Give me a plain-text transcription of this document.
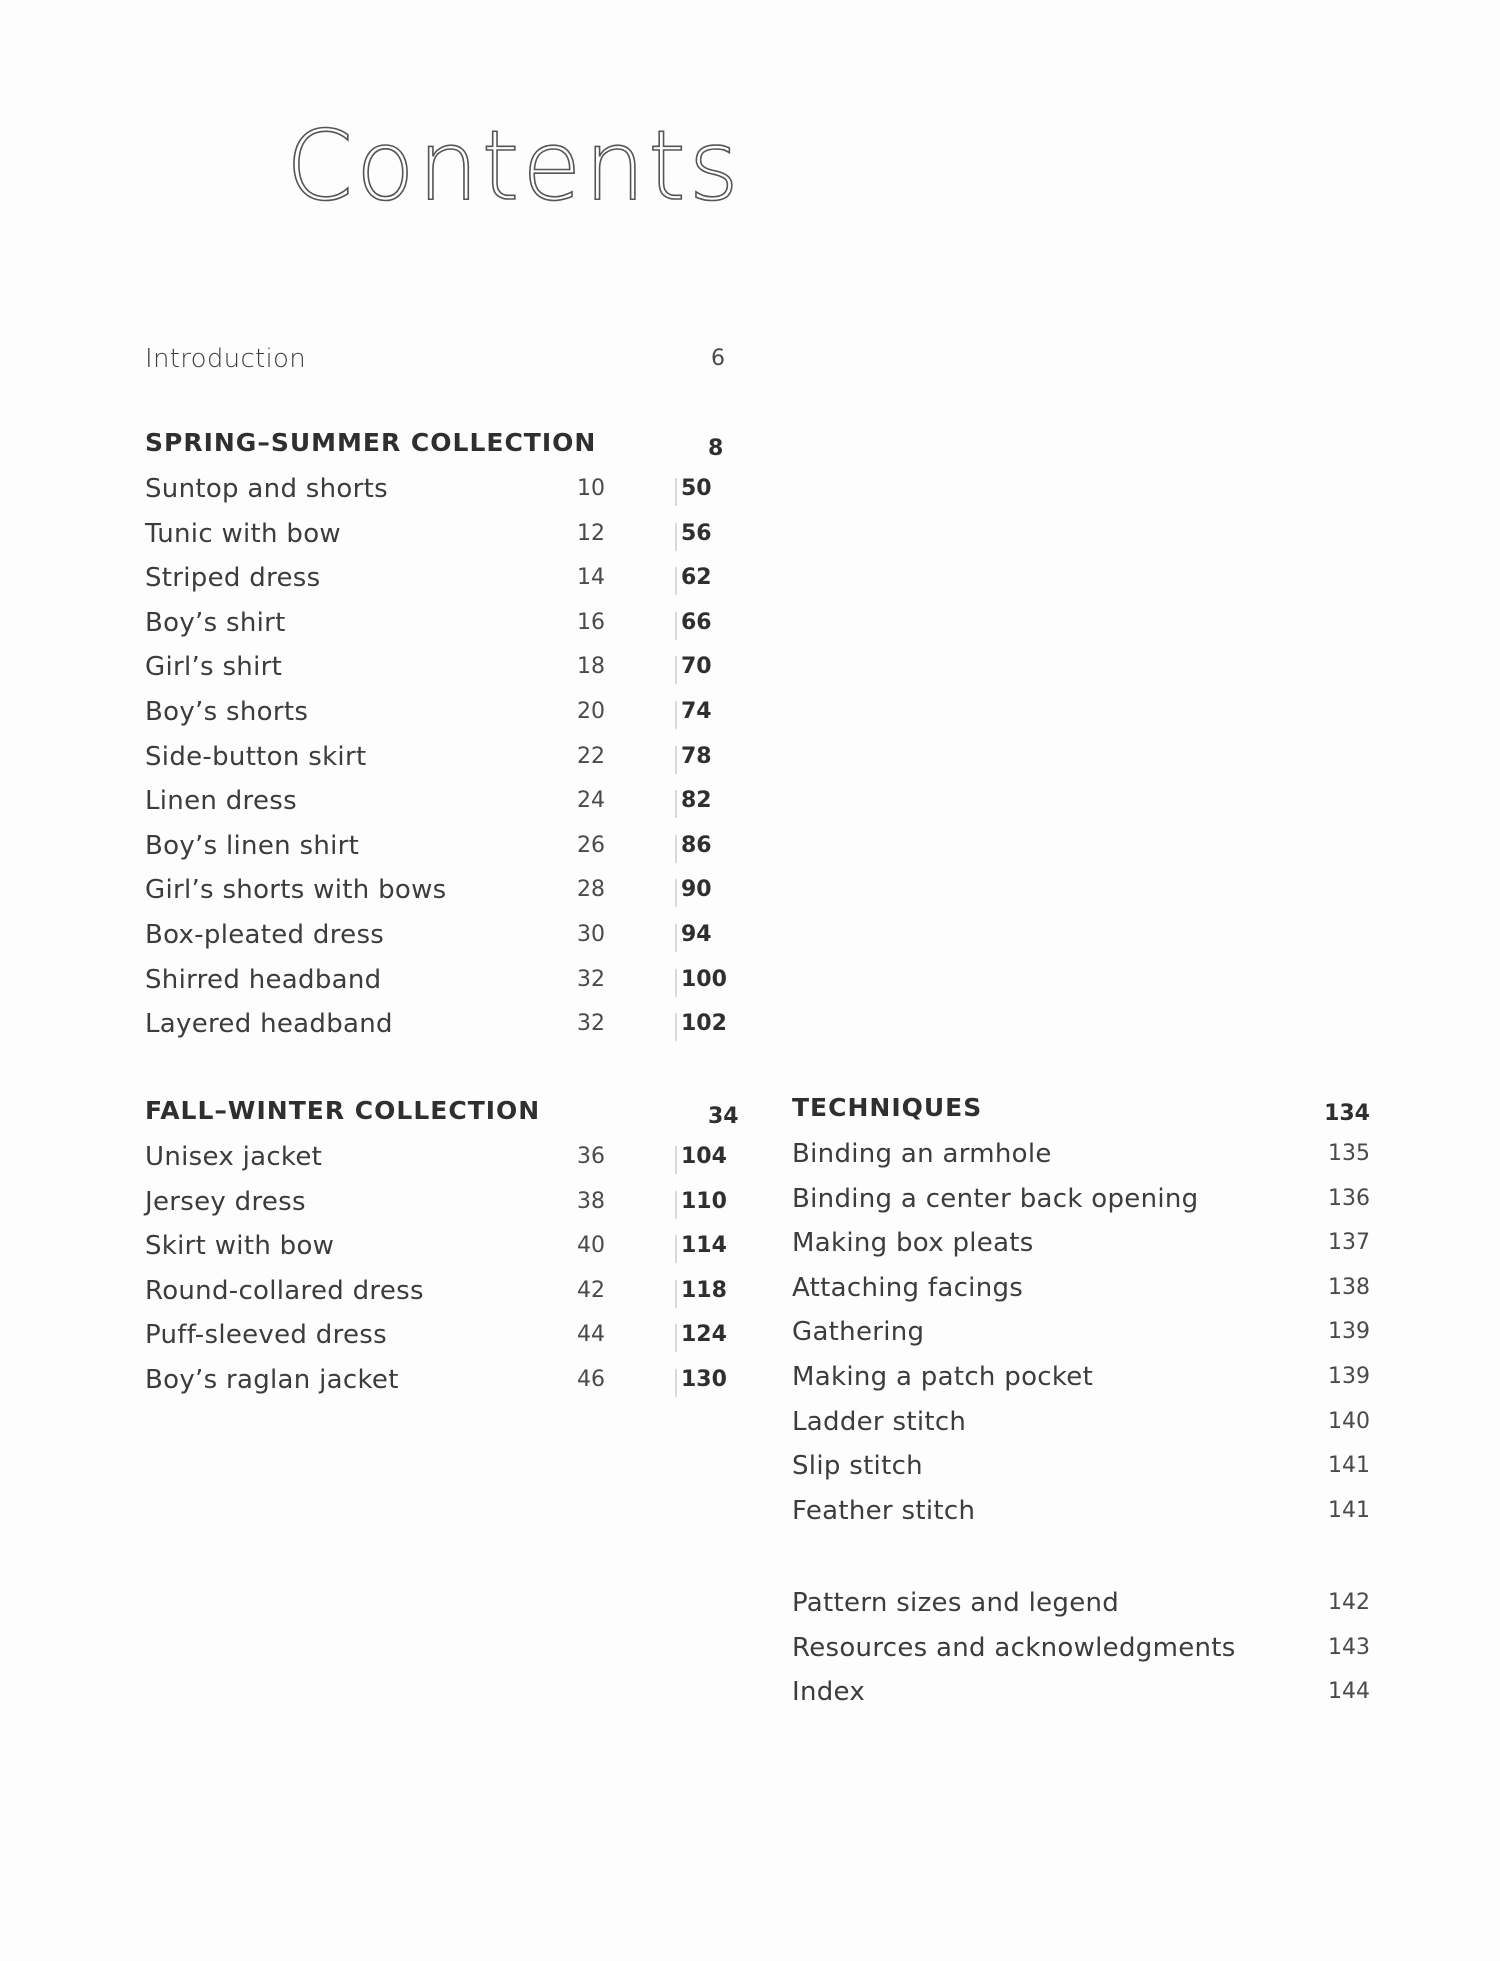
Contents
Introduction	6
SPRING–SUMMER COLLECTION	8
Suntop and shorts	10	50
Tunic with bow	12	56
Striped dress	14	62
Boy’s shirt	16	66
Girl’s shirt	18	70
Boy’s shorts	20	74
Side-button skirt	22	78
Linen dress	24	82
Boy’s linen shirt	26	86
Girl’s shorts with bows	28	90
Box-pleated dress	30	94
Shirred headband	32	100
Layered headband	32	102
FALL–WINTER COLLECTION	34
Unisex jacket	36	104
Jersey dress	38	110
Skirt with bow	40	114
Round-collared dress	42	118
Puff-sleeved dress	44	124
Boy’s raglan jacket	46	130
TECHNIQUES	134
Binding an armhole	135
Binding a center back opening	136
Making box pleats	137
Attaching facings	138
Gathering	139
Making a patch pocket	139
Ladder stitch	140
Slip stitch	141
Feather stitch	141
Pattern sizes and legend	142
Resources and acknowledgments	143
Index	144
